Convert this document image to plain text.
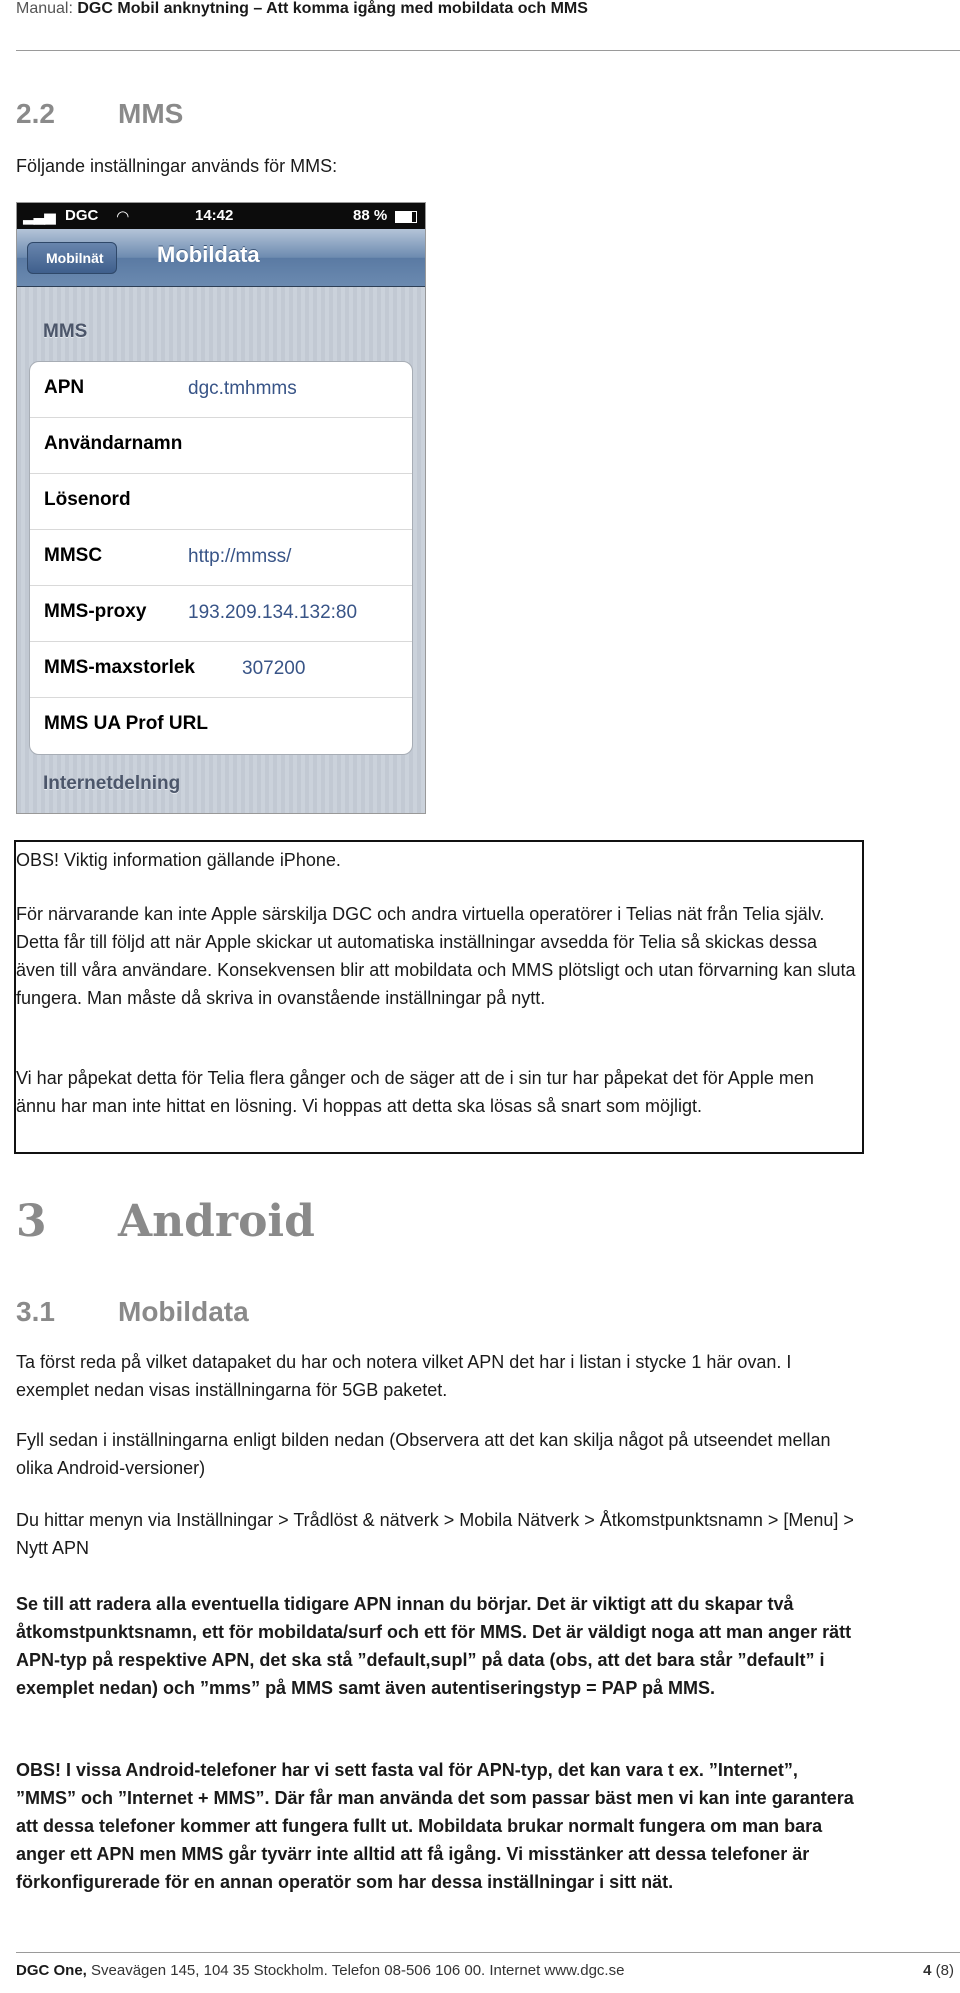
Manual: DGC Mobil anknytning – Att komma igång med mobildata och MMS
2.2 MMS

Följande inställningar används för MMS:

▂▃▅ DGC ◠	14:42	88 %
Mobilnät	Mobildata
MMS
APN	dgc.tmhmms
Användarnamn
Lösenord
MMSC	http://mmss/
MMS-proxy 193.209.134.132:80
MMS-maxstorlek 307200
MMS UA Prof URL
Internetdelning

OBS! Viktig information gällande iPhone.

För närvarande kan inte Apple särskilja DGC och andra virtuella operatörer i Telias nät från Telia själv. Detta får till följd att när Apple skickar ut automatiska inställningar avsedda för Telia så skickas dessa även till våra användare. Konsekvensen blir att mobildata och MMS plötsligt och utan förvarning kan sluta fungera. Man måste då skriva in ovanstående inställningar på nytt.

Vi har påpekat detta för Telia flera gånger och de säger att de i sin tur har påpekat det för Apple men ännu har man inte hittat en lösning. Vi hoppas att detta ska lösas så snart som möjligt.

3 Android
3.1 Mobildata

Ta först reda på vilket datapaket du har och notera vilket APN det har i listan i stycke 1 här ovan. I exemplet nedan visas inställningarna för 5GB paketet.

Fyll sedan i inställningarna enligt bilden nedan (Observera att det kan skilja något på utseendet mellan olika Android-versioner)

Du hittar menyn via Inställningar > Trådlöst & nätverk > Mobila Nätverk > Åtkomstpunktsnamn > [Menu] > Nytt APN

Se till att radera alla eventuella tidigare APN innan du börjar. Det är viktigt att du skapar två åtkomstpunktsnamn, ett för mobildata/surf och ett för MMS. Det är väldigt noga att man anger rätt APN-typ på respektive APN, det ska stå ”default,supl” på data (obs, att det bara står ”default” i exemplet nedan) och ”mms” på MMS samt även autentiseringstyp = PAP på MMS.

OBS! I vissa Android-telefoner har vi sett fasta val för APN-typ, det kan vara t ex. ”Internet”, ”MMS” och ”Internet + MMS”. Där får man använda det som passar bäst men vi kan inte garantera att dessa telefoner kommer att fungera fullt ut. Mobildata brukar normalt fungera om man bara anger ett APN men MMS går tyvärr inte alltid att få igång. Vi misstänker att dessa telefoner är förkonfigurerade för en annan operatör som har dessa inställningar i sitt nät.

DGC One, Sveavägen 145, 104 35 Stockholm. Telefon 08-506 106 00. Internet www.dgc.se	4 (8)
